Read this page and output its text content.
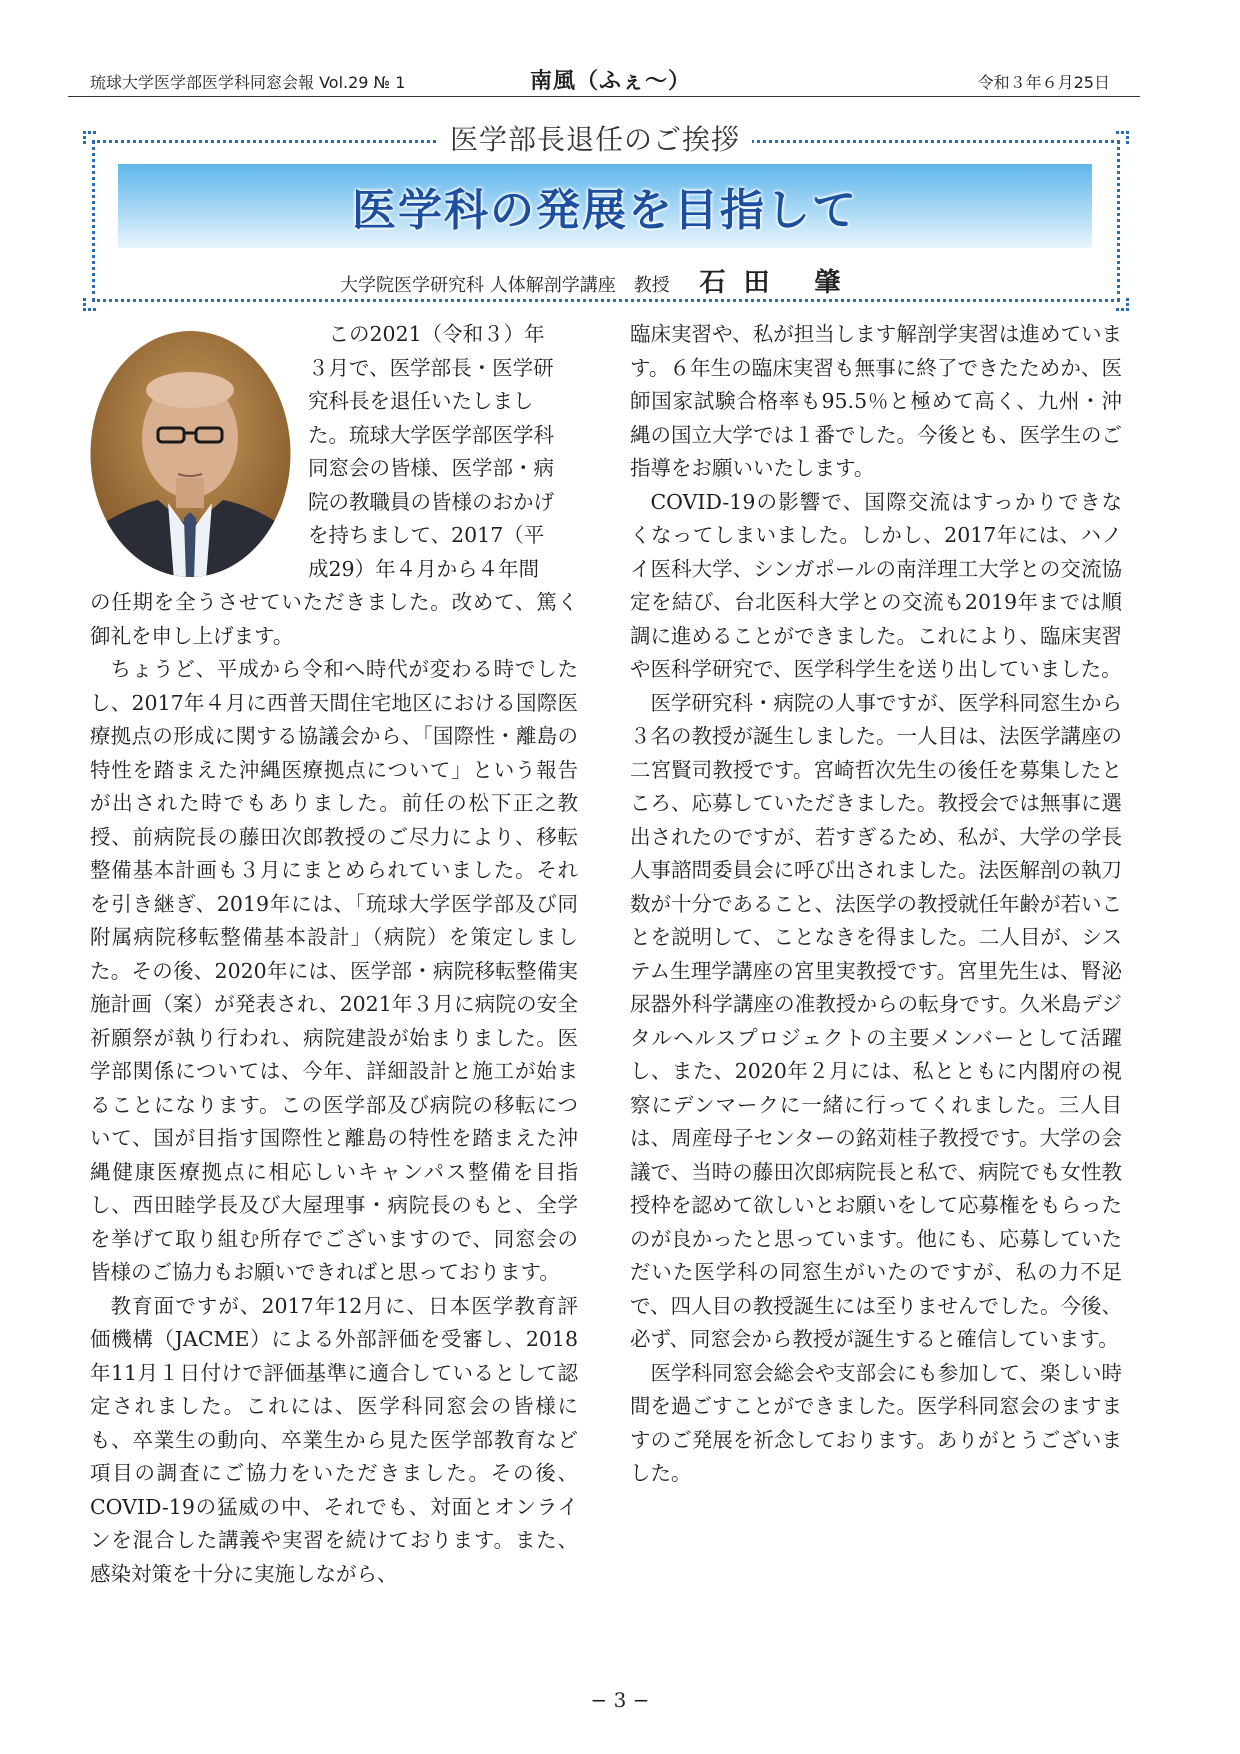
琉球大学医学部医学科同窓会報 Vol.29 № 1	南風（ふぇ〜）	令和３年６月25日
医学部長退任のご挨拶
医学科の発展を目指して
大学院医学研究科 人体解剖学講座　教授 石田 肇
この2021（令和３）年
３月で、医学部長・医学研
究科長を退任いたしまし
た。琉球大学医学部医学科
同窓会の皆様、医学部・病
院の教職員の皆様のおかげ
を持ちまして、2017（平
成29）年４月から４年間

の任期を全うさせていただきました。改めて、篤く御礼を申し上げます。

ちょうど、平成から令和へ時代が変わる時でしたし、2017年４月に西普天間住宅地区における国際医療拠点の形成に関する協議会から、「国際性・離島の特性を踏まえた沖縄医療拠点について」という報告が出された時でもありました。前任の松下正之教授、前病院長の藤田次郎教授のご尽力により、移転整備基本計画も３月にまとめられていました。それを引き継ぎ、2019年には、「琉球大学医学部及び同附属病院移転整備基本設計」（病院）を策定しました。その後、2020年には、医学部・病院移転整備実施計画（案）が発表され、2021年３月に病院の安全祈願祭が執り行われ、病院建設が始まりました。医学部関係については、今年、詳細設計と施工が始まることになります。この医学部及び病院の移転について、国が目指す国際性と離島の特性を踏まえた沖縄健康医療拠点に相応しいキャンパス整備を目指し、西田睦学長及び大屋理事・病院長のもと、全学を挙げて取り組む所存でございますので、同窓会の皆様のご協力もお願いできればと思っております。

教育面ですが、2017年12月に、日本医学教育評価機構（JACME）による外部評価を受審し、2018年11月１日付けで評価基準に適合しているとして認定されました。これには、医学科同窓会の皆様にも、卒業生の動向、卒業生から見た医学部教育など項目の調査にご協力をいただきました。その後、COVID-19の猛威の中、それでも、対面とオンラインを混合した講義や実習を続けております。また、感染対策を十分に実施しながら、

臨床実習や、私が担当します解剖学実習は進めています。６年生の臨床実習も無事に終了できたためか、医師国家試験合格率も95.5％と極めて高く、九州・沖縄の国立大学では１番でした。今後とも、医学生のご指導をお願いいたします。

COVID-19の影響で、国際交流はすっかりできなくなってしまいました。しかし、2017年には、ハノイ医科大学、シンガポールの南洋理工大学との交流協定を結び、台北医科大学との交流も2019年までは順調に進めることができました。これにより、臨床実習や医科学研究で、医学科学生を送り出していました。

医学研究科・病院の人事ですが、医学科同窓生から３名の教授が誕生しました。一人目は、法医学講座の二宮賢司教授です。宮崎哲次先生の後任を募集したところ、応募していただきました。教授会では無事に選出されたのですが、若すぎるため、私が、大学の学長人事諮問委員会に呼び出されました。法医解剖の執刀数が十分であること、法医学の教授就任年齢が若いことを説明して、ことなきを得ました。二人目が、システム生理学講座の宮里実教授です。宮里先生は、腎泌尿器外科学講座の准教授からの転身です。久米島デジタルヘルスプロジェクトの主要メンバーとして活躍し、また、2020年２月には、私とともに内閣府の視察にデンマークに一緒に行ってくれました。三人目は、周産母子センターの銘苅桂子教授です。大学の会議で、当時の藤田次郎病院長と私で、病院でも女性教授枠を認めて欲しいとお願いをして応募権をもらったのが良かったと思っています。他にも、応募していただいた医学科の同窓生がいたのですが、私の力不足で、四人目の教授誕生には至りませんでした。今後、必ず、同窓会から教授が誕生すると確信しています。

医学科同窓会総会や支部会にも参加して、楽しい時間を過ごすことができました。医学科同窓会のますますのご発展を祈念しております。ありがとうございました。

− 3 −
